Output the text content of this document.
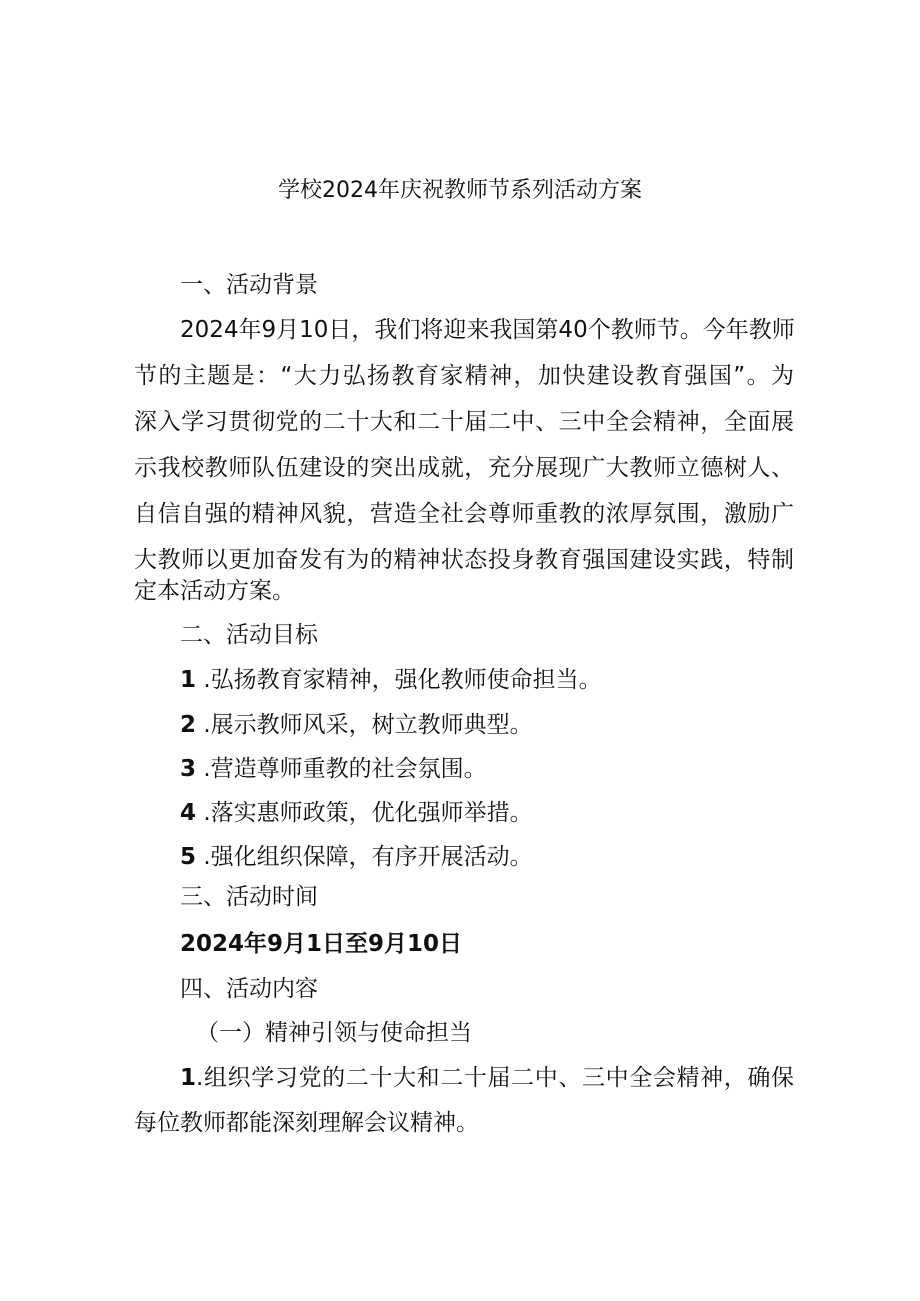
学校2024年庆祝教师节系列活动方案
一、活动背景
2024年9月10日，我们将迎来我国第40个教师节。今年教师
节的主题是：“大力弘扬教育家精神，加快建设教育强国”。为
深入学习贯彻党的二十大和二十届二中、三中全会精神，全面展
示我校教师队伍建设的突出成就，充分展现广大教师立德树人、
自信自强的精神风貌，营造全社会尊师重教的浓厚氛围，激励广
大教师以更加奋发有为的精神状态投身教育强国建设实践，特制
定本活动方案。
二、活动目标
1 .弘扬教育家精神，强化教师使命担当。
2 .展示教师风采，树立教师典型。
3 .营造尊师重教的社会氛围。
4 .落实惠师政策，优化强师举措。
5 .强化组织保障，有序开展活动。
三、活动时间
2024年9月1日至9月10日
四、活动内容
（一）精神引领与使命担当
1.组织学习党的二十大和二十届二中、三中全会精神，确保
每位教师都能深刻理解会议精神。
